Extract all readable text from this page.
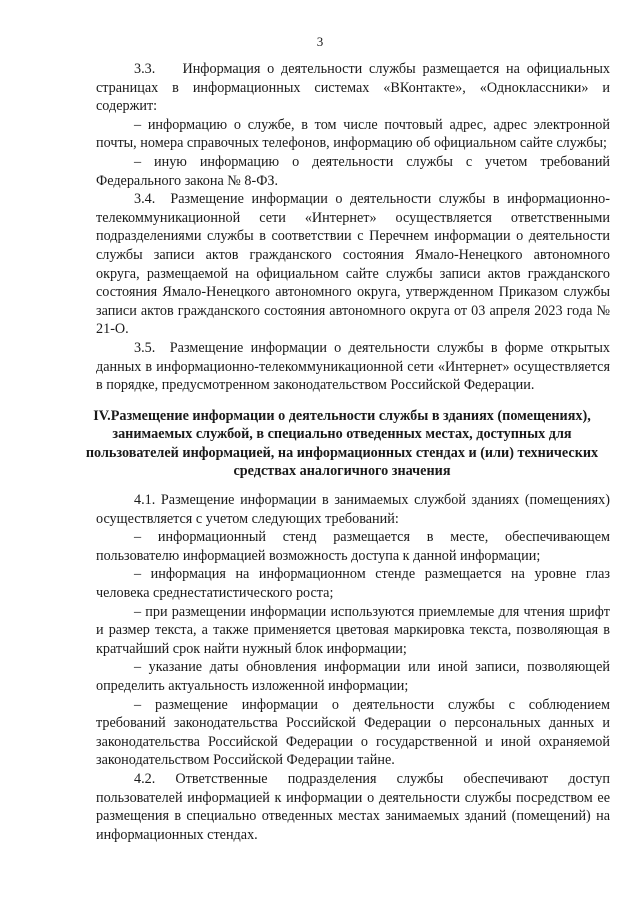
3

3.3.    Информация о деятельности службы размещается на официальных страницах в информационных системах «ВКонтакте», «Одноклассники» и содержит:

– информацию о службе, в том числе почтовый адрес, адрес электронной почты, номера справочных телефонов, информацию об официальном сайте службы;

– иную информацию о деятельности службы с учетом требований Федерального закона № 8-ФЗ.

3.4.  Размещение информации о деятельности службы в информационно-телекоммуникационной сети «Интернет» осуществляется ответственными подразделениями службы в соответствии с Перечнем информации о деятельности службы записи актов гражданского состояния Ямало-Ненецкого автономного округа, размещаемой на официальном сайте службы записи актов гражданского состояния Ямало-Ненецкого автономного округа, утвержденном Приказом службы записи актов гражданского состояния автономного округа от 03 апреля 2023 года № 21-О.

3.5.  Размещение информации о деятельности службы в форме открытых данных в информационно-телекоммуникационной сети «Интернет» осуществляется в порядке, предусмотренном законодательством Российской Федерации.

IV.Размещение информации о деятельности службы в зданиях (помещениях), занимаемых службой, в специально отведенных местах, доступных для пользователей информацией, на информационных стендах и (или) технических средствах аналогичного значения

4.1. Размещение информации в занимаемых службой зданиях (помещениях) осуществляется с учетом следующих требований:

– информационный стенд размещается в месте, обеспечивающем пользователю информацией возможность доступа к данной информации;

– информация на информационном стенде размещается на уровне глаз человека среднестатистического роста;

– при размещении информации используются приемлемые для чтения шрифт и размер текста, а также применяется цветовая маркировка текста, позволяющая в кратчайший срок найти нужный блок информации;

– указание даты обновления информации или иной записи, позволяющей определить актуальность изложенной информации;

– размещение информации о деятельности службы с соблюдением требований законодательства Российской Федерации о персональных данных и законодательства Российской Федерации о государственной и иной охраняемой законодательством Российской Федерации тайне.

4.2. Ответственные подразделения службы обеспечивают доступ пользователей информацией к информации о деятельности службы посредством ее размещения в специально отведенных местах занимаемых зданий (помещений) на информационных стендах.
